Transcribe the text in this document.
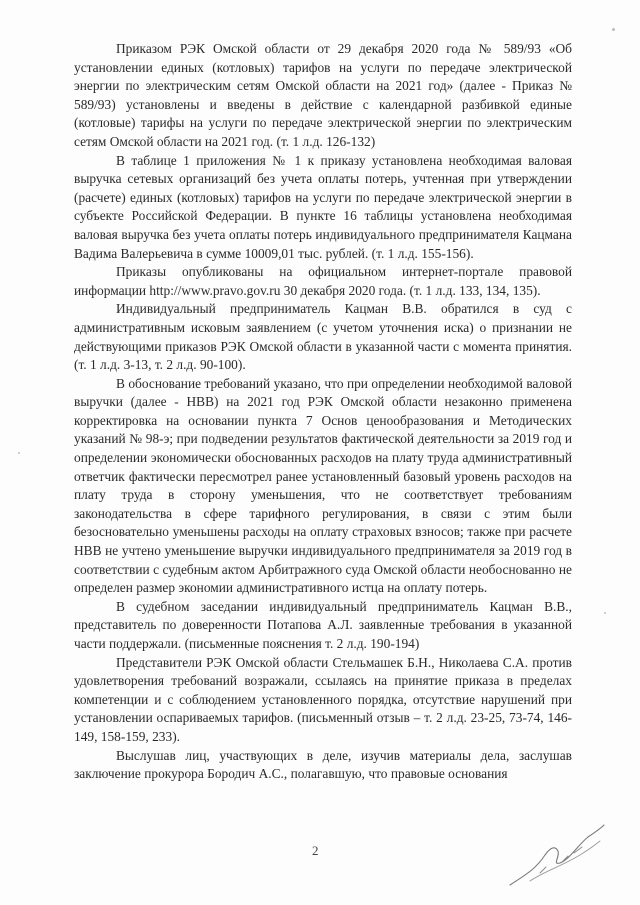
Приказом РЭК Омской области от 29 декабря 2020 года № 589/93 «Об установлении единых (котловых) тарифов на услуги по передаче электрической энергии по электрическим сетям Омской области на 2021 год» (далее - Приказ № 589/93) установлены и введены в действие с календарной разбивкой единые (котловые) тарифы на услуги по передаче электрической энергии по электрическим сетям Омской области на 2021 год. (т. 1 л.д. 126-132)

В таблице 1 приложения № 1 к приказу установлена необходимая валовая выручка сетевых организаций без учета оплаты потерь, учтенная при утверждении (расчете) единых (котловых) тарифов на услуги по передаче электрической энергии в субъекте Российской Федерации. В пункте 16 таблицы установлена необходимая валовая выручка без учета оплаты потерь индивидуального предпринимателя Кацмана Вадима Валерьевича в сумме 10009,01 тыс. рублей. (т. 1 л.д. 155-156).

Приказы опубликованы на официальном интернет-портале правовой информации http://www.pravo.gov.ru 30 декабря 2020 года. (т. 1 л.д. 133, 134, 135).

Индивидуальный предприниматель Кацман В.В. обратился в суд с административным исковым заявлением (с учетом уточнения иска) о признании не действующими приказов РЭК Омской области в указанной части с момента принятия. (т. 1 л.д. 3-13, т. 2 л.д. 90-100).

В обоснование требований указано, что при определении необходимой валовой выручки (далее - НВВ) на 2021 год РЭК Омской области незаконно применена корректировка на основании пункта 7 Основ ценообразования и Методических указаний № 98-э; при подведении результатов фактической деятельности за 2019 год и определении экономически обоснованных расходов на плату труда административный ответчик фактически пересмотрел ранее установленный базовый уровень расходов на плату труда в сторону уменьшения, что не соответствует требованиям законодательства в сфере тарифного регулирования, в связи с этим были безосновательно уменьшены расходы на оплату страховых взносов; также при расчете НВВ не учтено уменьшение выручки индивидуального предпринимателя за 2019 год в соответствии с судебным актом Арбитражного суда Омской области необоснованно не определен размер экономии административного истца на оплату потерь.

В судебном заседании индивидуальный предприниматель Кацман В.В., представитель по доверенности Потапова А.Л. заявленные требования в указанной части поддержали. (письменные пояснения т. 2 л.д. 190-194)

Представители РЭК Омской области Стельмашек Б.Н., Николаева С.А. против удовлетворения требований возражали, ссылаясь на принятие приказа в пределах компетенции и с соблюдением установленного порядка, отсутствие нарушений при установлении оспариваемых тарифов. (письменный отзыв – т. 2 л.д. 23-25, 73-74, 146-149, 158-159, 233).

Выслушав лиц, участвующих в деле, изучив материалы дела, заслушав заключение прокурора Бородич А.С., полагавшую, что правовые основания

2
